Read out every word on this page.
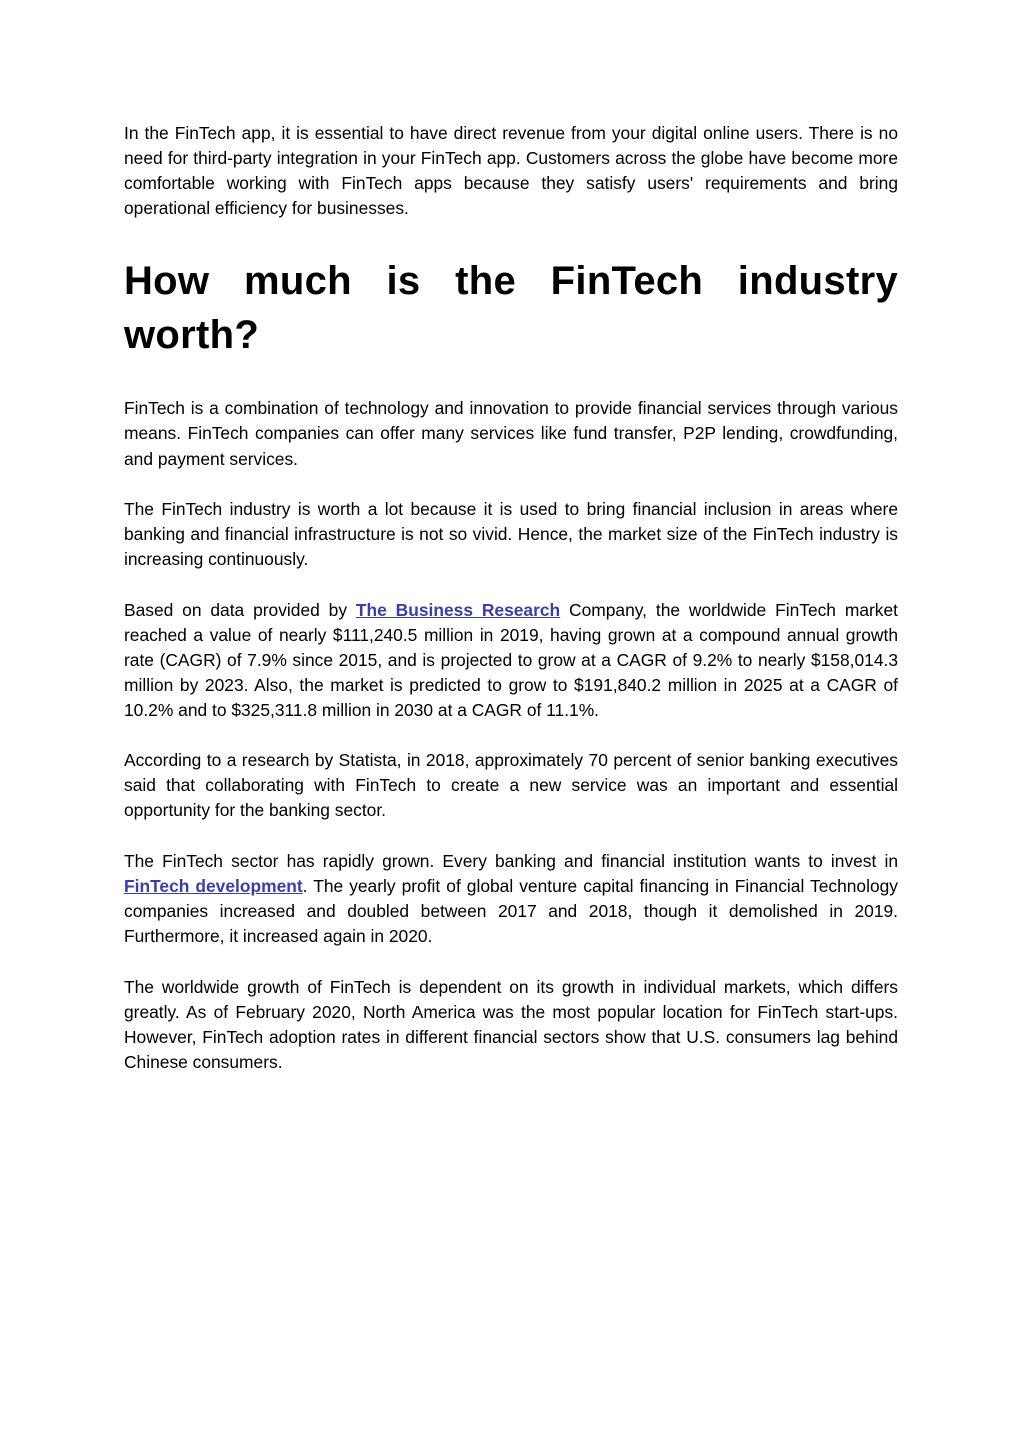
In the FinTech app, it is essential to have direct revenue from your digital online users. There is no need for third-party integration in your FinTech app. Customers across the globe have become more comfortable working with FinTech apps because they satisfy users' requirements and bring operational efficiency for businesses.

How much is the FinTech industry worth?

FinTech is a combination of technology and innovation to provide financial services through various means. FinTech companies can offer many services like fund transfer, P2P lending, crowdfunding, and payment services.

The FinTech industry is worth a lot because it is used to bring financial inclusion in areas where banking and financial infrastructure is not so vivid. Hence, the market size of the FinTech industry is increasing continuously.

Based on data provided by The Business Research Company, the worldwide FinTech market reached a value of nearly $111,240.5 million in 2019, having grown at a compound annual growth rate (CAGR) of 7.9% since 2015, and is projected to grow at a CAGR of 9.2% to nearly $158,014.3 million by 2023. Also, the market is predicted to grow to $191,840.2 million in 2025 at a CAGR of 10.2% and to $325,311.8 million in 2030 at a CAGR of 11.1%.

According to a research by Statista, in 2018, approximately 70 percent of senior banking executives said that collaborating with FinTech to create a new service was an important and essential opportunity for the banking sector.

The FinTech sector has rapidly grown. Every banking and financial institution wants to invest in FinTech development. The yearly profit of global venture capital financing in Financial Technology companies increased and doubled between 2017 and 2018, though it demolished in 2019. Furthermore, it increased again in 2020.

The worldwide growth of FinTech is dependent on its growth in individual markets, which differs greatly. As of February 2020, North America was the most popular location for FinTech start-ups. However, FinTech adoption rates in different financial sectors show that U.S. consumers lag behind Chinese consumers.
